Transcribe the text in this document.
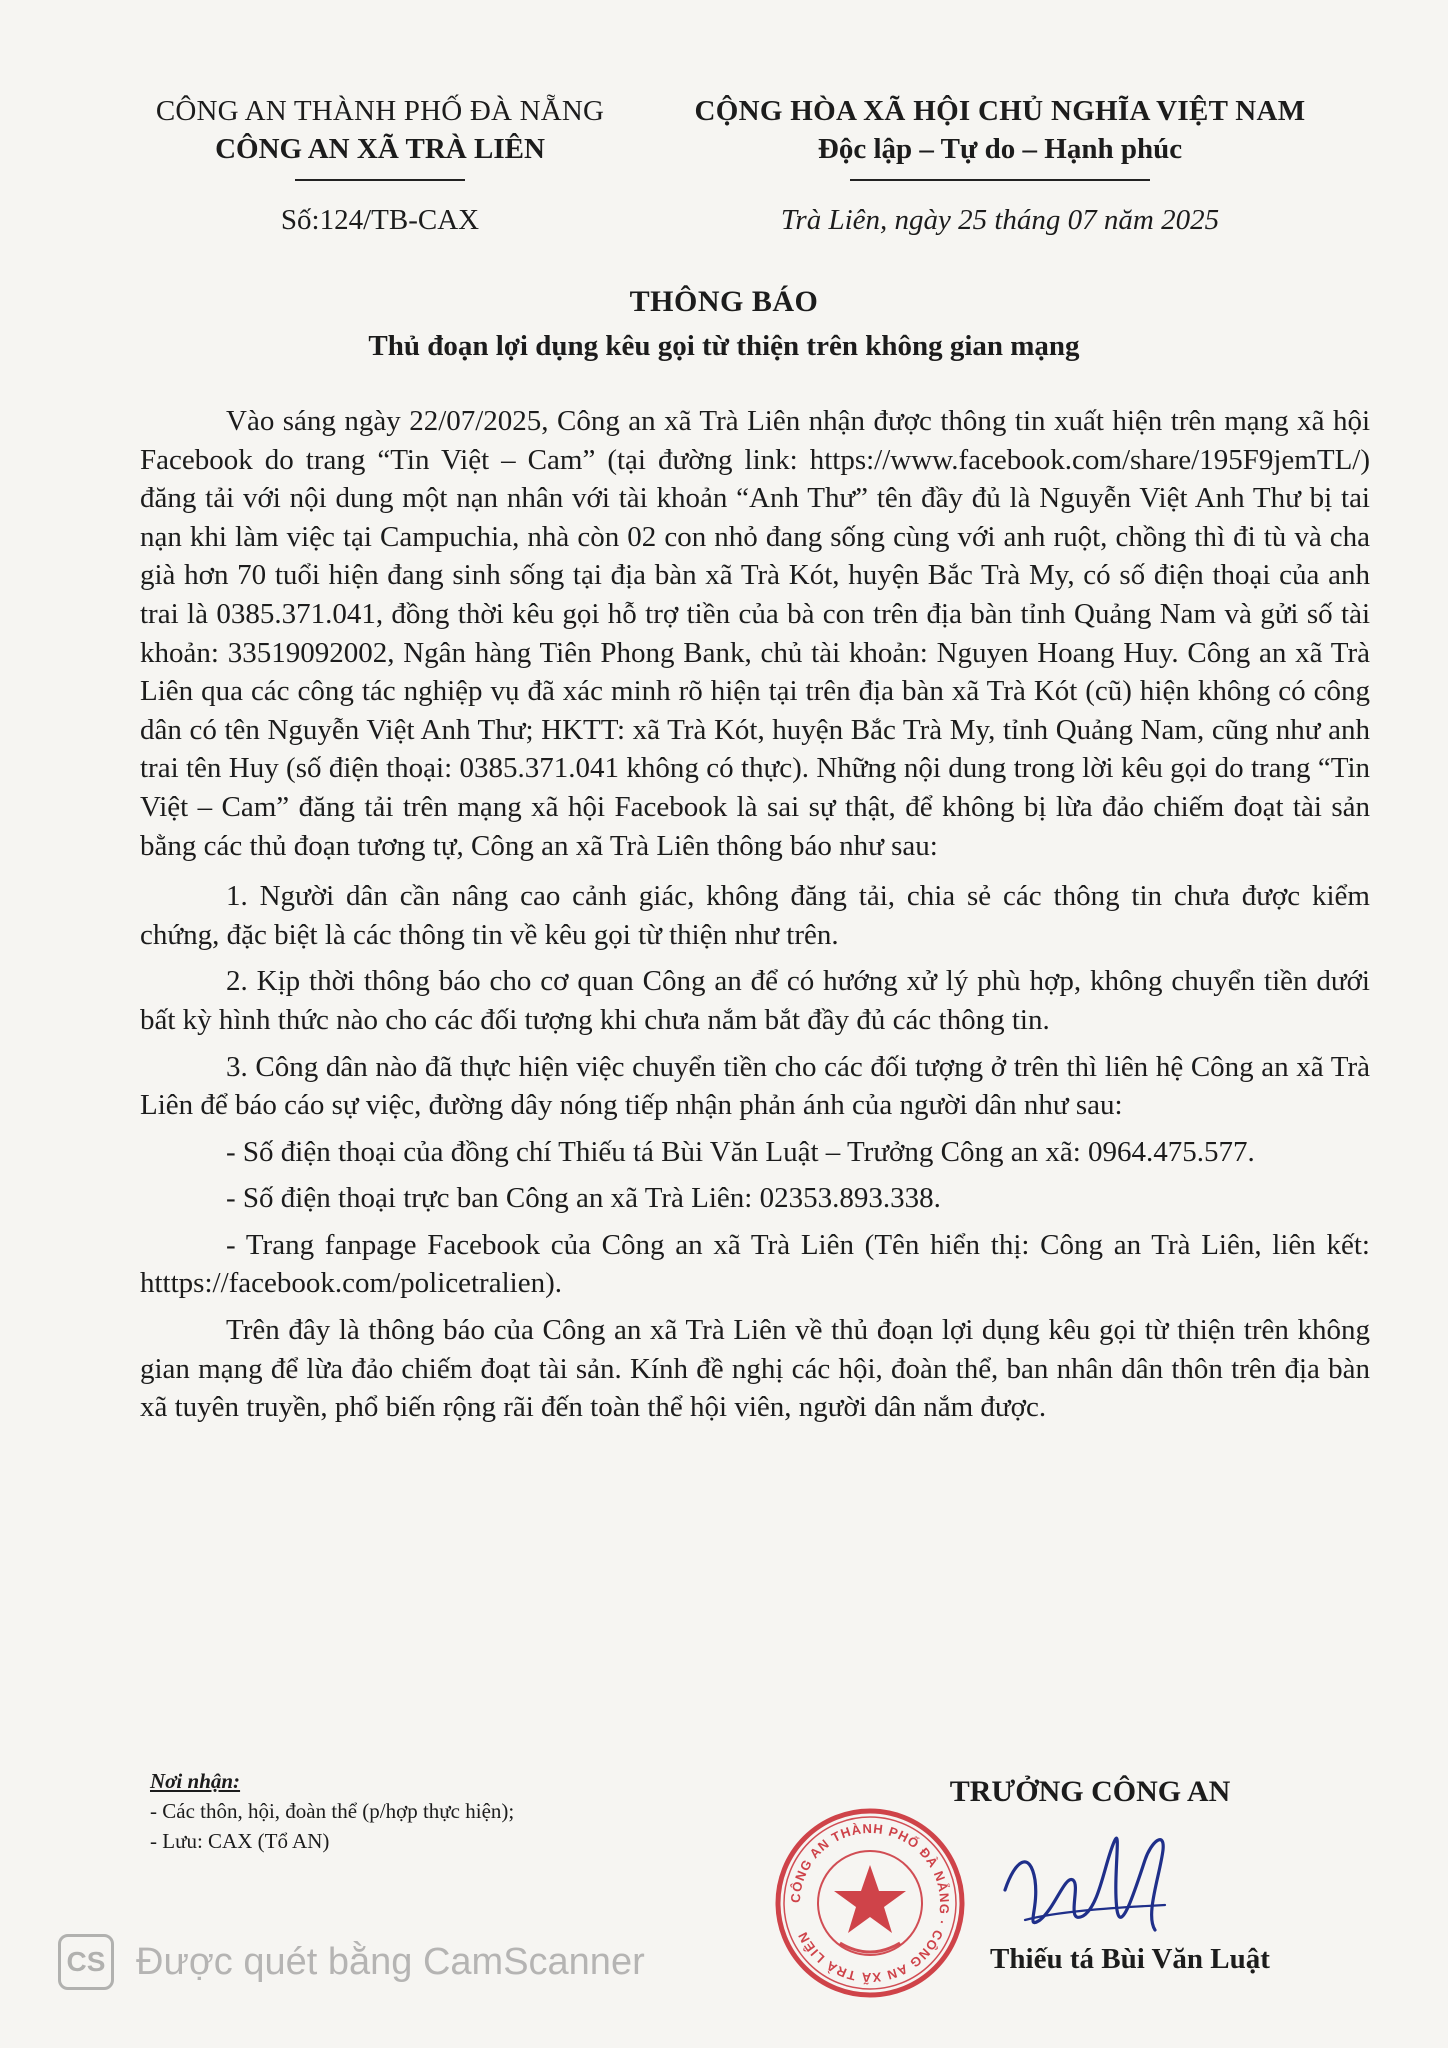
CÔNG AN THÀNH PHỐ ĐÀ NẴNG
CÔNG AN XÃ TRÀ LIÊN
Số:124/TB-CAX
CỘNG HÒA XÃ HỘI CHỦ NGHĨA VIỆT NAM
Độc lập – Tự do – Hạnh phúc
Trà Liên, ngày 25 tháng 07 năm 2025
THÔNG BÁO
Thủ đoạn lợi dụng kêu gọi từ thiện trên không gian mạng

Vào sáng ngày 22/07/2025, Công an xã Trà Liên nhận được thông tin xuất hiện trên mạng xã hội Facebook do trang “Tin Việt – Cam” (tại đường link: https://www.facebook.com/share/195F9jemTL/) đăng tải với nội dung một nạn nhân với tài khoản “Anh Thư” tên đầy đủ là Nguyễn Việt Anh Thư bị tai nạn khi làm việc tại Campuchia, nhà còn 02 con nhỏ đang sống cùng với anh ruột, chồng thì đi tù và cha già hơn 70 tuổi hiện đang sinh sống tại địa bàn xã Trà Kót, huyện Bắc Trà My, có số điện thoại của anh trai là 0385.371.041, đồng thời kêu gọi hỗ trợ tiền của bà con trên địa bàn tỉnh Quảng Nam và gửi số tài khoản: 33519092002, Ngân hàng Tiên Phong Bank, chủ tài khoản: Nguyen Hoang Huy. Công an xã Trà Liên qua các công tác nghiệp vụ đã xác minh rõ hiện tại trên địa bàn xã Trà Kót (cũ) hiện không có công dân có tên Nguyễn Việt Anh Thư; HKTT: xã Trà Kót, huyện Bắc Trà My, tỉnh Quảng Nam, cũng như anh trai tên Huy (số điện thoại: 0385.371.041 không có thực). Những nội dung trong lời kêu gọi do trang “Tin Việt – Cam” đăng tải trên mạng xã hội Facebook là sai sự thật, để không bị lừa đảo chiếm đoạt tài sản bằng các thủ đoạn tương tự, Công an xã Trà Liên thông báo như sau:

1. Người dân cần nâng cao cảnh giác, không đăng tải, chia sẻ các thông tin chưa được kiểm chứng, đặc biệt là các thông tin về kêu gọi từ thiện như trên.

2. Kịp thời thông báo cho cơ quan Công an để có hướng xử lý phù hợp, không chuyển tiền dưới bất kỳ hình thức nào cho các đối tượng khi chưa nắm bắt đầy đủ các thông tin.

3. Công dân nào đã thực hiện việc chuyển tiền cho các đối tượng ở trên thì liên hệ Công an xã Trà Liên để báo cáo sự việc, đường dây nóng tiếp nhận phản ánh của người dân như sau:

- Số điện thoại của đồng chí Thiếu tá Bùi Văn Luật – Trưởng Công an xã: 0964.475.577.

- Số điện thoại trực ban Công an xã Trà Liên: 02353.893.338.

- Trang fanpage Facebook của Công an xã Trà Liên (Tên hiển thị: Công an Trà Liên, liên kết: htttps://facebook.com/policetralien).

Trên đây là thông báo của Công an xã Trà Liên về thủ đoạn lợi dụng kêu gọi từ thiện trên không gian mạng để lừa đảo chiếm đoạt tài sản. Kính đề nghị các hội, đoàn thể, ban nhân dân thôn trên địa bàn xã tuyên truyền, phổ biến rộng rãi đến toàn thể hội viên, người dân nắm được.

Nơi nhận:
- Các thôn, hội, đoàn thể (p/hợp thực hiện);
- Lưu: CAX (Tổ AN)
TRƯỞNG CÔNG AN
CÔNG AN THÀNH PHỐ ĐÀ NẴNG · CÔNG AN XÃ TRÀ LIÊN
Thiếu tá Bùi Văn Luật
CS Được quét bằng CamScanner
